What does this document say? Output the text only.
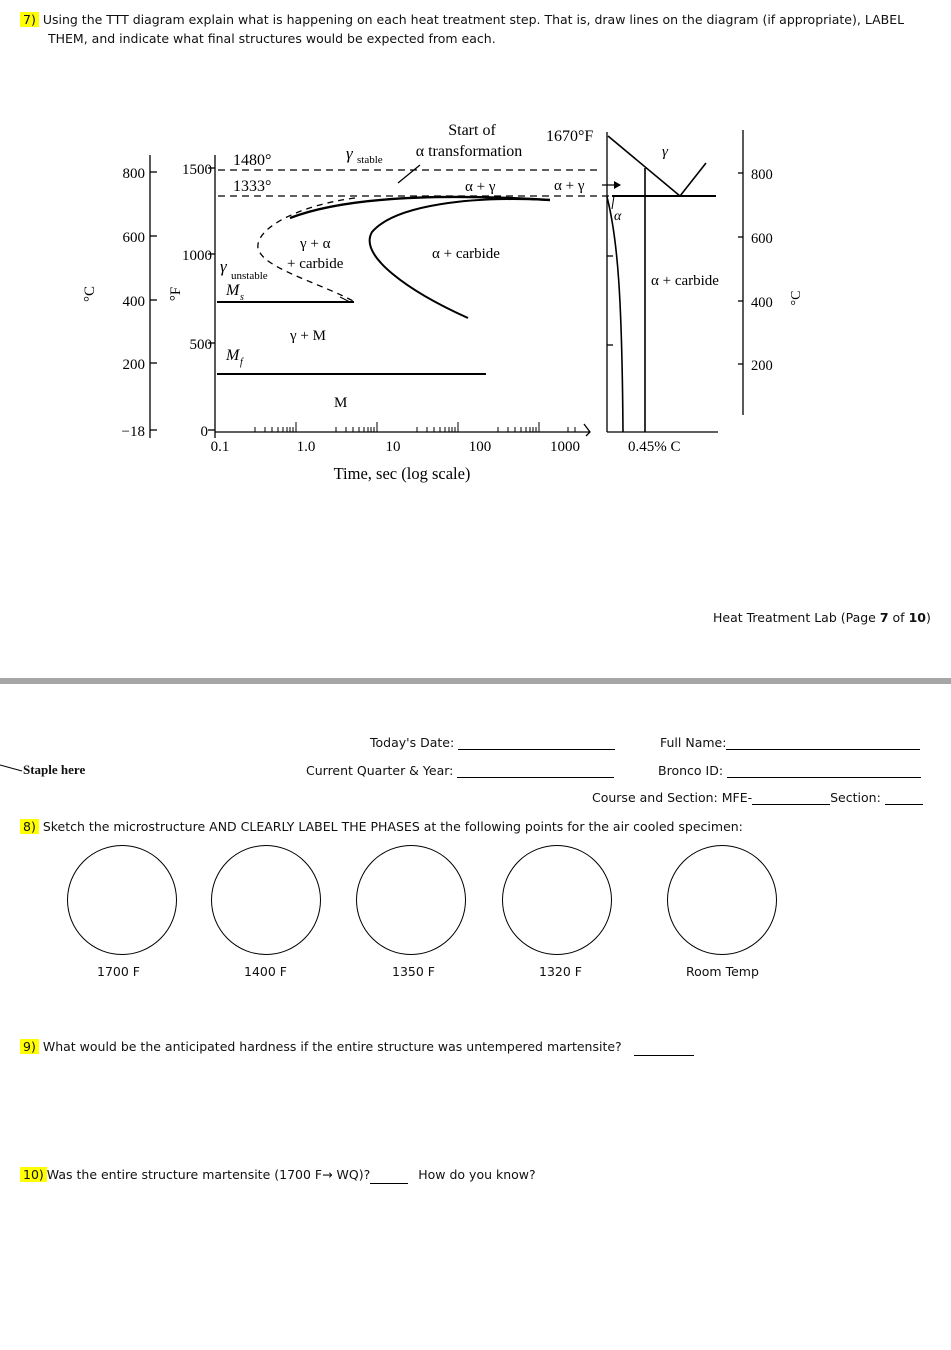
7) Using the TTT diagram explain what is happening on each heat treatment step. That is, draw lines on the diagram (if appropriate), LABEL
THEM, and indicate what final structures would be expected from each.
800
600
400
200
−18
°C
1500
1000
500
0
°F
0.1	1.0	10	100	1000
Time, sec (log scale)
1480°
1333°
γ stable
Start of
α transformation
α + γ	α + γ
γ + α
+ carbide
α + carbide
γ unstable
M s
γ + M
M f
M
1670°F
γ
α
α + carbide
0.45% C
800
600
400
200
°C
Heat Treatment Lab (Page 7 of 10)
Today's Date:
Current Quarter & Year:
Full Name:
Bronco ID:
Course and Section: MFE-	Section:
Staple here
8) Sketch the microstructure AND CLEARLY LABEL THE PHASES at the following points for the air cooled specimen:
1700 F	1400 F	1350 F	1320 F	Room Temp
9) What would be the anticipated hardness if the entire structure was untempered martensite?
10) Was the entire structure martensite (1700 F→ WQ)?	How do you know?
